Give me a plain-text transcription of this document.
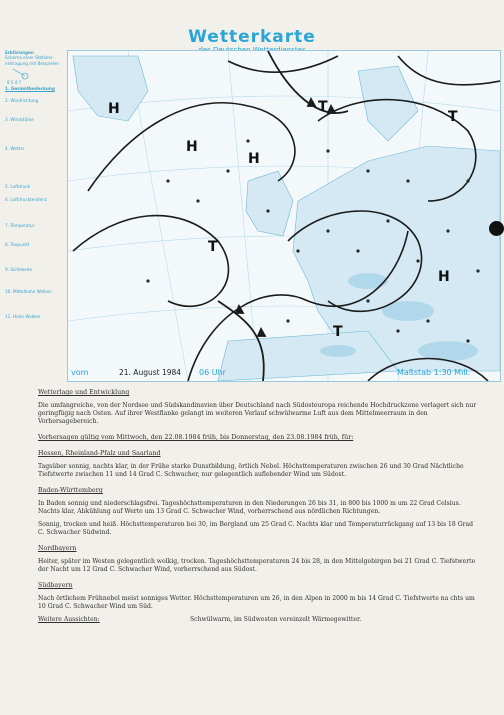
Wetterkarte
Erklärungen
Schema einer Stations-
eintragung mit Beispielen
9 5 4 7
1. Gesamtbedeckung
2. Windrichtung
3. Windstärke
4. Wetter
5. Luftdruck
6. Luftdrucktendenz
7. Temperatur
8. Taupunkt
9. Sichtweite
10. Mittelhohe Wolken
11. Hohe Wolken
H
H
H
T
T
T
H
T
vom	21. August 1984 06 Uhr	Maßstab 1:30 Mill.

Wetterlage und Entwicklung

Die umfangreiche, von der Nordsee und Südskandinavien über Deutschland nach Südosteuropa reichende Hochdruckzone verlagert sich nur geringfügig nach Osten. Auf ihrer Westflanke gelangt im weiteren Verlauf schwülwarme Luft aus dem Mittelmeerraum in den Vorhersagebereich.

Vorhersagen gültig vom Mittwoch, den 22.08.1984 früh, bis Donnerstag, den 23.08.1984 früh, für:

Hessen, Rheinland-Pfalz und Saarland

Tagsüber sonnig, nachts klar, in der Frühe starke Dunstbildung, örtlich Nebel. Höchsttemperaturen zwischen 26 und 30 Grad Nächtliche Tiefstwerte zwischen 11 und 14 Grad C. Schwacher, nur gelegentlich auflebender Wind um Südost.

Baden-Württemberg

In Baden sonnig und niederschlagsfrei. Tageshöchsttemperaturen in den Niederungen 26 bis 31, in 800 bis 1000 m um 22 Grad Celsius. Nachts klar, Abkühlung auf Werte um 13 Grad C. Schwacher Wind, vorherrschend aus nördlichen Richtungen.

Sonnig, trocken und heiß. Höchsttemperaturen bei 30, im Bergland um 25 Grad C. Nachts klar und Temperaturrückgang auf 13 bis 18 Grad C. Schwacher Südwind.

Nordbayern

Heiter, später im Westen gelegentlich wolkig, trocken. Tageshöchsttemperaturen 24 bis 28, in den Mittelgebirgen bei 21 Grad C. Tiefstwerte der Nacht um 12 Grad C. Schwacher Wind, vorherrschend aus Südost.

Südbayern

Nach örtlichem Frühnebel meist sonniges Wetter. Höchsttemperaturen um 26, in den Alpen in 2000 m bis 14 Grad C. Tiefstwerte na chts um 10 Grad C. Schwacher Wind um Süd.

Weitere Aussichten:	Schwülwarm, im Südwesten vereinzelt Wärmegewitter.
